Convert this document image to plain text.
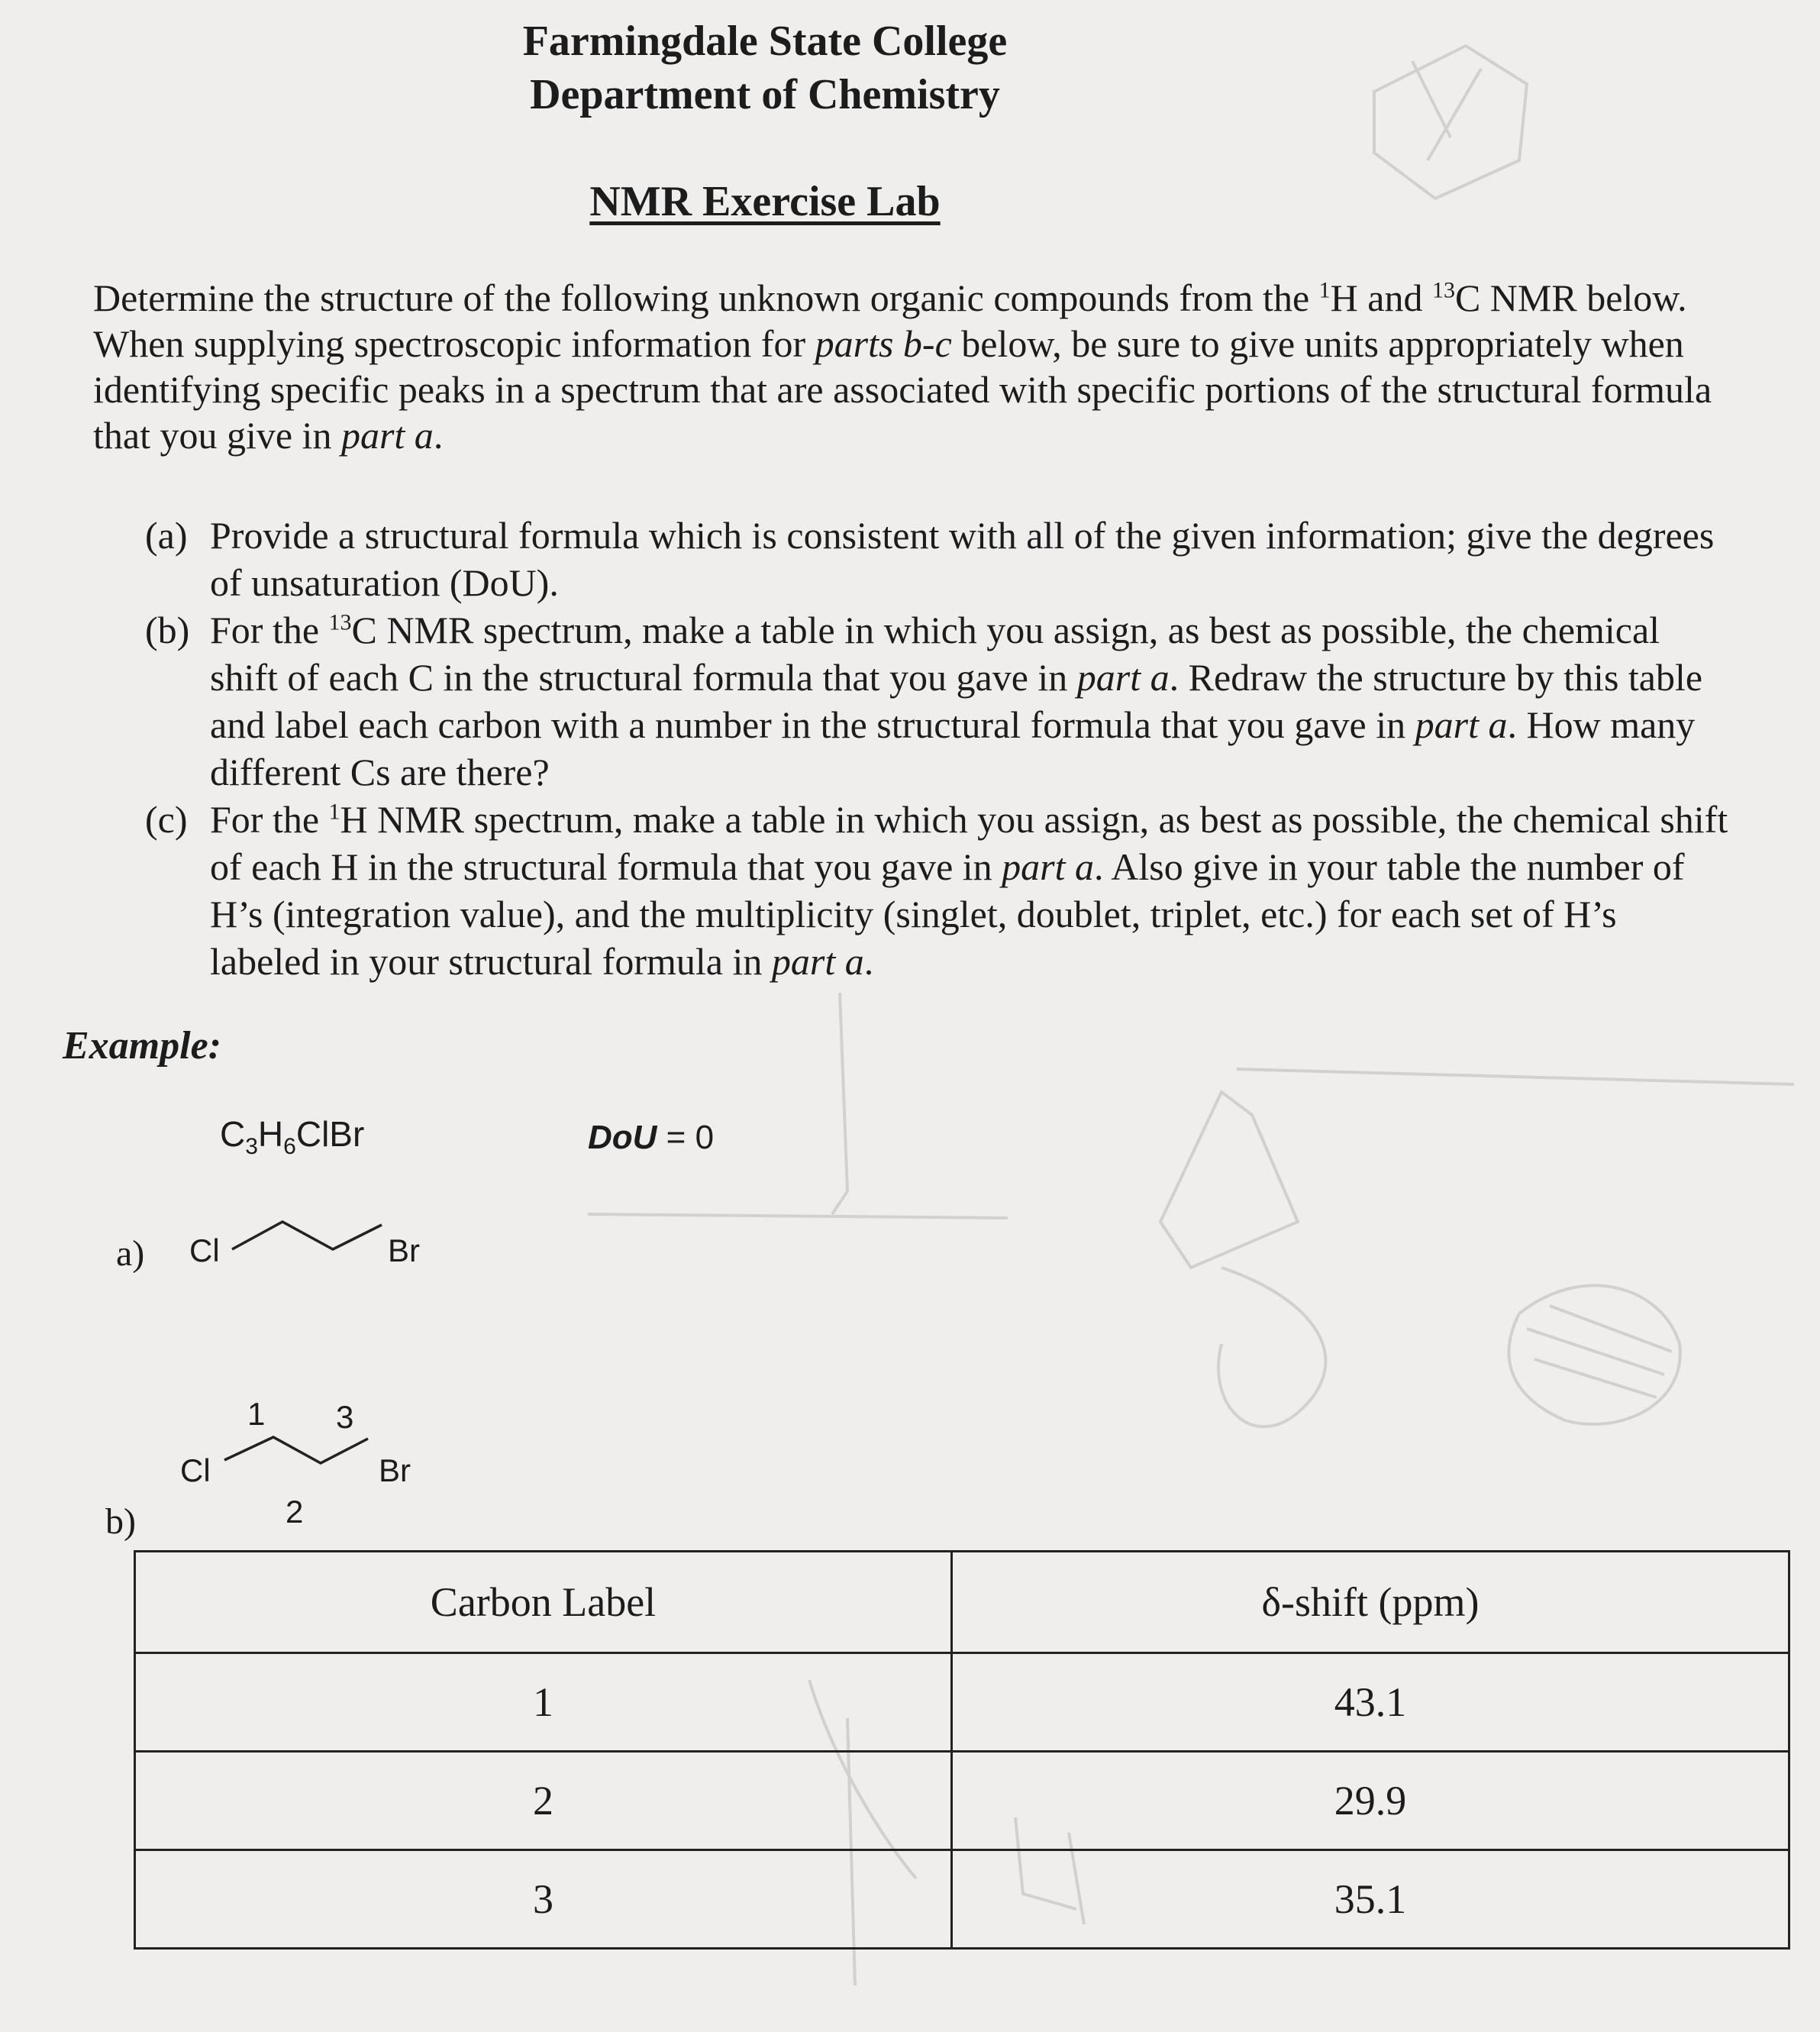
Farmingdale State College
Department of Chemistry
NMR Exercise Lab
Determine the structure of the following unknown organic compounds from the $^1$H and $^{13}$C NMR below. When supplying spectroscopic information for parts b-c below, be sure to give units appropriately when identifying specific peaks in a spectrum that are associated with specific portions of the structural formula that you give in part a.
(a) Provide a structural formula which is consistent with all of the given information; give the degrees of unsaturation (DoU).
(b) For the $^{13}$C NMR spectrum, make a table in which you assign, as best as possible, the chemical shift of each C in the structural formula that you gave in part a. Redraw the structure by this table and label each carbon with a number in the structural formula that you gave in part a. How many different Cs are there?
(c) For the $^1$H NMR spectrum, make a table in which you assign, as best as possible, the chemical shift of each H in the structural formula that you gave in part a. Also give in your table the number of H’s (integration value), and the multiplicity (singlet, doublet, triplet, etc.) for each set of H’s labeled in your structural formula in part a.
Example:
$C_3H_6ClBr$	DoU = 0
a) Cl	Br
b)
Cl	Br
1
2
3
Carbon Label	δ-shift (ppm)
1	43.1
2	29.9
3	35.1
